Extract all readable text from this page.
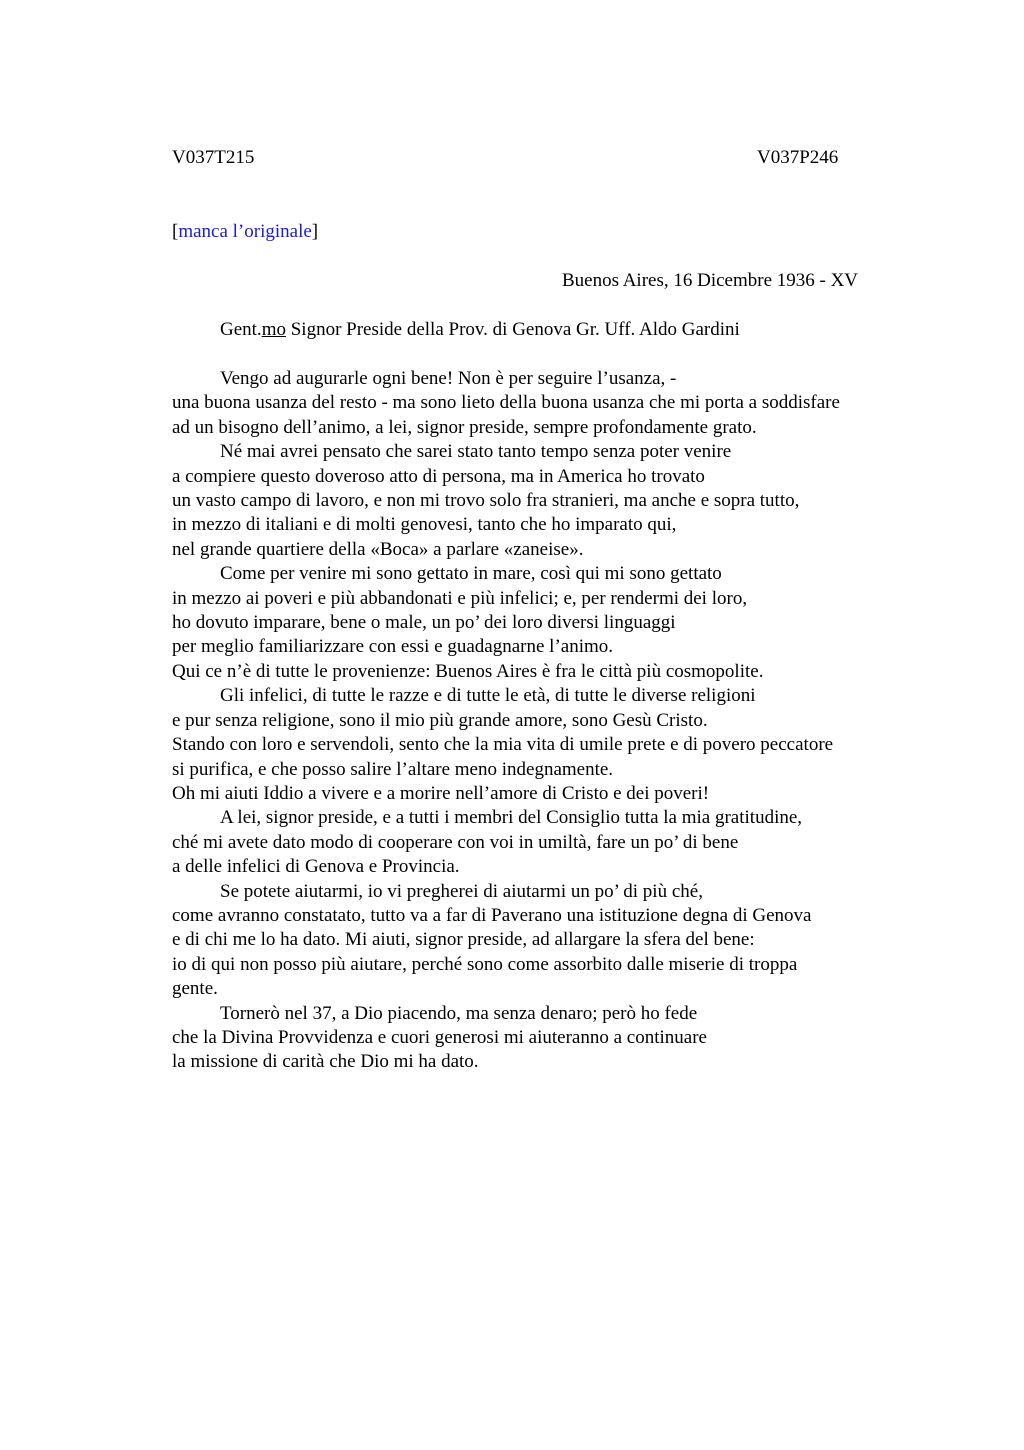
V037T215	V037P246
[manca l’originale]
Buenos Aires, 16 Dicembre 1936 - XV
Gent.mo Signor Preside della Prov. di Genova Gr. Uff. Aldo Gardini
Vengo ad augurarle ogni bene! Non è per seguire l’usanza, -
una buona usanza del resto - ma sono lieto della buona usanza che mi porta a soddisfare
ad un bisogno dell’animo, a lei, signor preside, sempre profondamente grato.
Né mai avrei pensato che sarei stato tanto tempo senza poter venire
a compiere questo doveroso atto di persona, ma in America ho trovato
un vasto campo di lavoro, e non mi trovo solo fra stranieri, ma anche e sopra tutto,
in mezzo di italiani e di molti genovesi, tanto che ho imparato qui,
nel grande quartiere della «Boca» a parlare «zaneise».
Come per venire mi sono gettato in mare, così qui mi sono gettato
in mezzo ai poveri e più abbandonati e più infelici; e, per rendermi dei loro,
ho dovuto imparare, bene o male, un po’ dei loro diversi linguaggi
per meglio familiarizzare con essi e guadagnarne l’animo.
Qui ce n’è di tutte le provenienze: Buenos Aires è fra le città più cosmopolite.
Gli infelici, di tutte le razze e di tutte le età, di tutte le diverse religioni
e pur senza religione, sono il mio più grande amore, sono Gesù Cristo.
Stando con loro e servendoli, sento che la mia vita di umile prete e di povero peccatore
si purifica, e che posso salire l’altare meno indegnamente.
Oh mi aiuti Iddio a vivere e a morire nell’amore di Cristo e dei poveri!
A lei, signor preside, e a tutti i membri del Consiglio tutta la mia gratitudine,
ché mi avete dato modo di cooperare con voi in umiltà, fare un po’ di bene
a delle infelici di Genova e Provincia.
Se potete aiutarmi, io vi pregherei di aiutarmi un po’ di più ché,
come avranno constatato, tutto va a far di Paverano una istituzione degna di Genova
e di chi me lo ha dato. Mi aiuti, signor preside, ad allargare la sfera del bene:
io di qui non posso più aiutare, perché sono come assorbito dalle miserie di troppa
gente.
Tornerò nel 37, a Dio piacendo, ma senza denaro; però ho fede
che la Divina Provvidenza e cuori generosi mi aiuteranno a continuare
la missione di carità che Dio mi ha dato.
